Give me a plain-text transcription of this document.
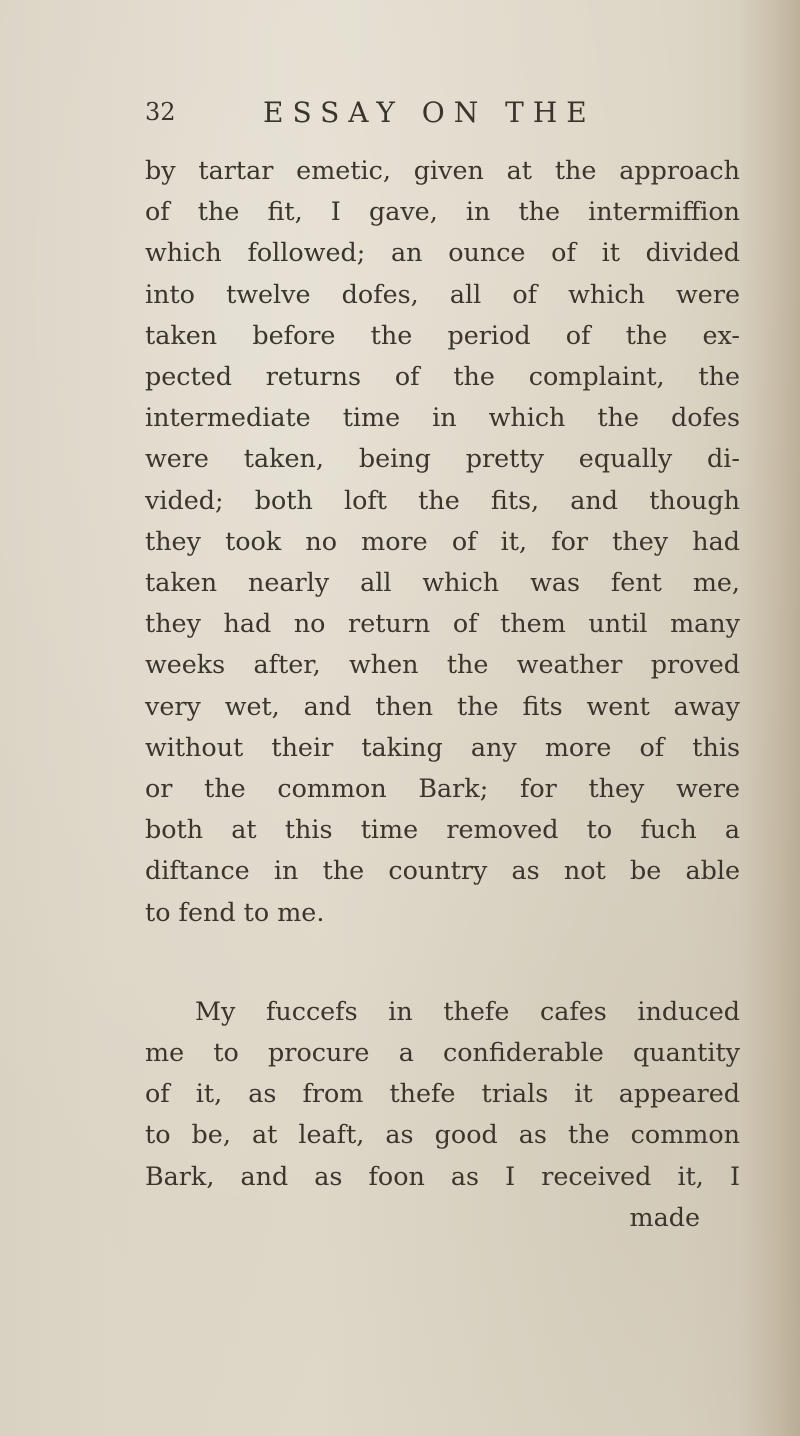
32	ESSAY ON THE
by tartar emetic, given at the approach
of the fit, I gave, in the intermiffion
which followed; an ounce of it divided
into twelve dofes, all of which were
taken before the period of the ex-
pected returns of the complaint, the
intermediate time in which the dofes
were taken, being pretty equally di-
vided; both loft the fits, and though
they took no more of it, for they had
taken nearly all which was fent me,
they had no return of them until many
weeks after, when the weather proved
very wet, and then the fits went away
without their taking any more of this
or the common Bark; for they were
both at this time removed to fuch a
diftance in the country as not be able
to fend to me.
My fuccefs in thefe cafes induced
me to procure a confiderable quantity
of it, as from thefe trials it appeared
to be, at leaft, as good as the common
Bark, and as foon as I received it, I
made
